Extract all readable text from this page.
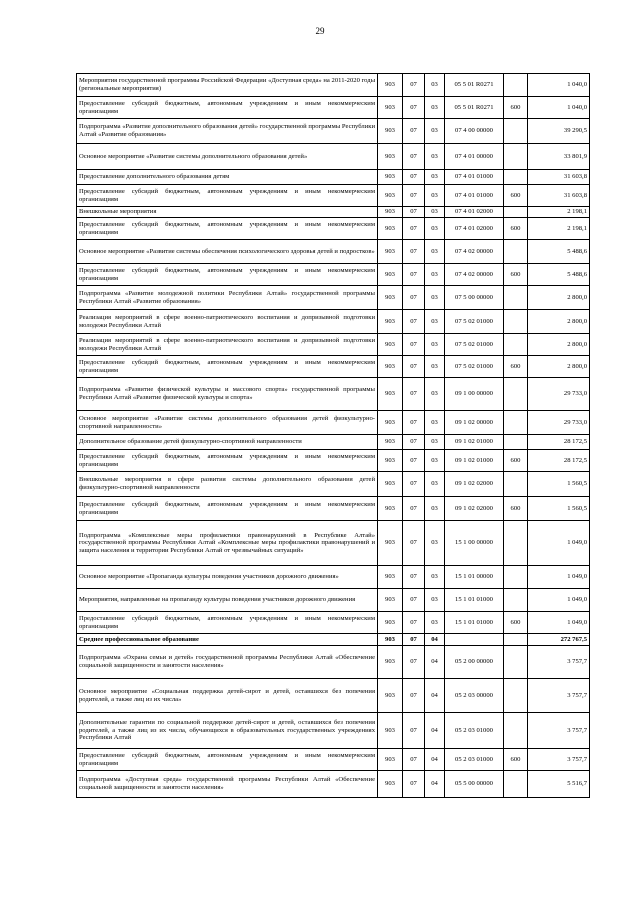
29
Мероприятия государственной программы Российской Федерации «Доступная среда» на 2011-2020 годы (региональные мероприятия)	903	07	03	05 5 01 R0271		1 040,0
Предоставление субсидий бюджетным, автономным учреждениям и иным некоммерческим организациям	903	07	03	05 5 01 R0271	600	1 040,0
Подпрограмма «Развитие дополнительного образования детей» государственной программы Республики Алтай «Развитие образования»	903	07	03	07 4 00 00000		39 290,5
Основное мероприятие «Развитие системы дополнительного образования детей»	903	07	03	07 4 01 00000		33 801,9
Предоставление дополнительного образования детям	903	07	03	07 4 01 01000		31 603,8
Предоставление субсидий бюджетным, автономным учреждениям и иным некоммерческим организациям	903	07	03	07 4 01 01000	600	31 603,8
Внешкольные мероприятия	903	07	03	07 4 01 02000		2 198,1
Предоставление субсидий бюджетным, автономным учреждениям и иным некоммерческим организациям	903	07	03	07 4 01 02000	600	2 198,1
Основное мероприятие «Развитие системы обеспечения психологического здоровья детей и подростков»	903	07	03	07 4 02 00000		5 488,6
Предоставление субсидий бюджетным, автономным учреждениям и иным некоммерческим организациям	903	07	03	07 4 02 00000	600	5 488,6
Подпрограмма «Развитие молодежной политики Республики Алтай» государственной программы Республики Алтай «Развитие образования»	903	07	03	07 5 00 00000		2 800,0
Реализация мероприятий в сфере военно-патриотического воспитания и допризывной подготовки молодежи Республики Алтай	903	07	03	07 5 02 01000		2 800,0
Реализация мероприятий в сфере военно-патриотического воспитания и допризывной подготовки молодежи Республики Алтай	903	07	03	07 5 02 01000		2 800,0
Предоставление субсидий бюджетным, автономным учреждениям и иным некоммерческим организациям	903	07	03	07 5 02 01000	600	2 800,0
Подпрограмма «Развитие физической культуры и массового спорта» государственной программы Республики Алтай «Развитие физической культуры и спорта»	903	07	03	09 1 00 00000		29 733,0
Основное мероприятие «Развитие системы дополнительного образования детей физкультурно-спортивной направленности»	903	07	03	09 1 02 00000		29 733,0
Дополнительное образование детей физкультурно-спортивной направленности	903	07	03	09 1 02 01000		28 172,5
Предоставление субсидий бюджетным, автономным учреждениям и иным некоммерческим организациям	903	07	03	09 1 02 01000	600	28 172,5
Внешкольные мероприятия в сфере развития системы дополнительного образования детей физкультурно-спортивной направленности	903	07	03	09 1 02 02000		1 560,5
Предоставление субсидий бюджетным, автономным учреждениям и иным некоммерческим организациям	903	07	03	09 1 02 02000	600	1 560,5
Подпрограмма «Комплексные меры профилактики правонарушений в Республике Алтай» государственной программы Республики Алтай «Комплексные меры профилактики правонарушений и защита населения и территории Республики Алтай от чрезвычайных ситуаций»	903	07	03	15 1 00 00000		1 049,0
Основное мероприятие «Пропаганда культуры поведения участников дорожного движения»	903	07	03	15 1 01 00000		1 049,0
Мероприятия, направленные на пропаганду культуры поведения участников дорожного движения	903	07	03	15 1 01 01000		1 049,0
Предоставление субсидий бюджетным, автономным учреждениям и иным некоммерческим организациям	903	07	03	15 1 01 01000	600	1 049,0
Среднее профессиональное образование	903	07	04			272 767,5
Подпрограмма «Охрана семьи и детей» государственной программы Республики Алтай «Обеспечение социальной защищенности и занятости населения»	903	07	04	05 2 00 00000		3 757,7
Основное мероприятие «Социальная поддержка детей-сирот и детей, оставшихся без попечения родителей, а также лиц из их числа»	903	07	04	05 2 03 00000		3 757,7
Дополнительные гарантии по социальной поддержке детей-сирот и детей, оставшихся без попечения родителей, а также лиц из их числа, обучающихся в образовательных государственных учреждениях Республики Алтай	903	07	04	05 2 03 01000		3 757,7
Предоставление субсидий бюджетным, автономным учреждениям и иным некоммерческим организациям	903	07	04	05 2 03 01000	600	3 757,7
Подпрограмма «Доступная среда» государственной программы Республики Алтай «Обеспечение социальной защищенности и занятости населения»	903	07	04	05 5 00 00000		5 516,7
